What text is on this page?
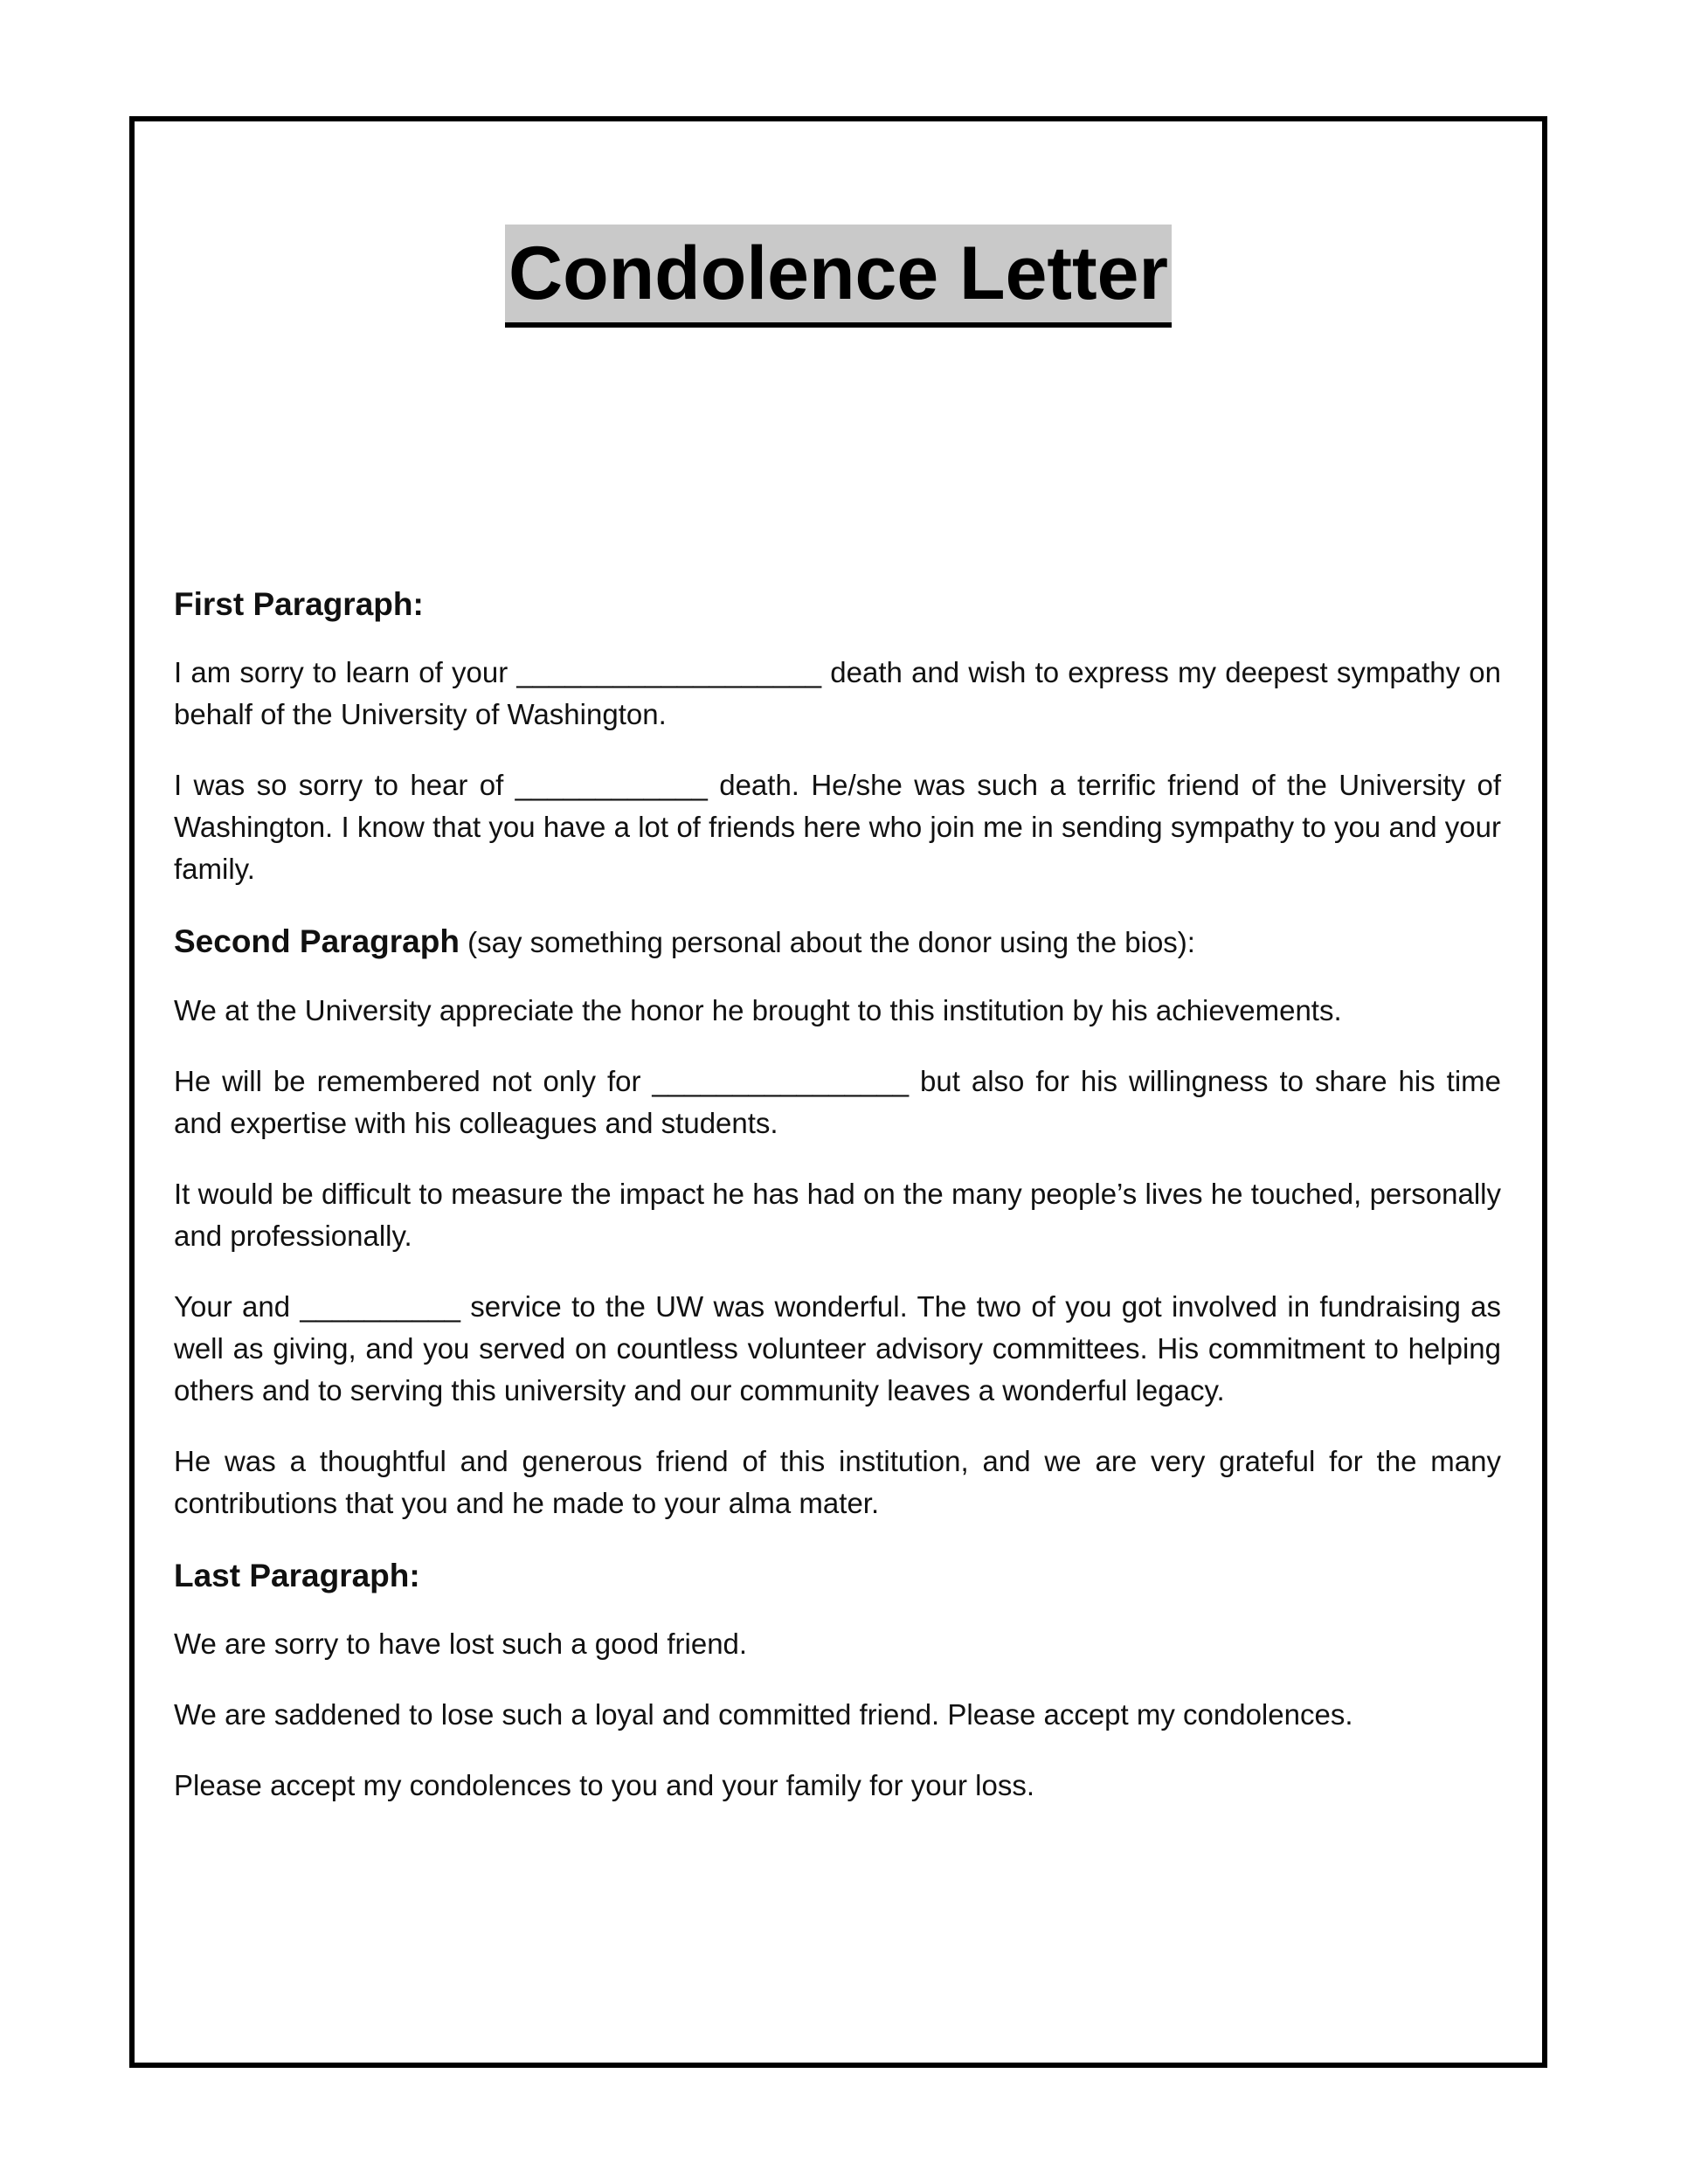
Condolence Letter
First Paragraph:

I am sorry to learn of your ___________________ death and wish to express my deepest sympathy on behalf of the University of Washington.

I was so sorry to hear of ____________ death. He/she was such a terrific friend of the University of Washington. I know that you have a lot of friends here who join me in sending sympathy to you and your family.

Second Paragraph (say something personal about the donor using the bios):

We at the University appreciate the honor he brought to this institution by his achievements.

He will be remembered not only for ________________ but also for his willingness to share his time and expertise with his colleagues and students.

It would be difficult to measure the impact he has had on the many people’s lives he touched, personally and professionally.

Your and __________ service to the UW was wonderful. The two of you got involved in fundraising as well as giving, and you served on countless volunteer advisory committees. His commitment to helping others and to serving this university and our community leaves a wonderful legacy.

He was a thoughtful and generous friend of this institution, and we are very grateful for the many contributions that you and he made to your alma mater.

Last Paragraph:

We are sorry to have lost such a good friend.

We are saddened to lose such a loyal and committed friend. Please accept my condolences.

Please accept my condolences to you and your family for your loss.
